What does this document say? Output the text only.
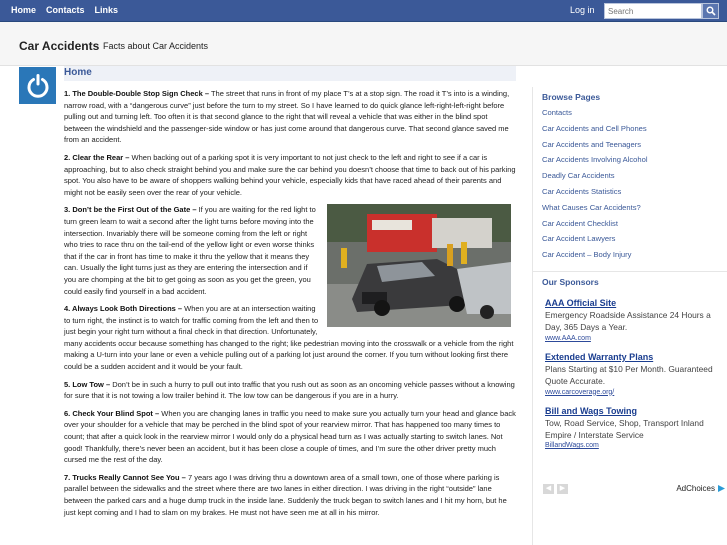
Home	Contacts	Links	Log in
Search
Car Accidents Facts about Car Accidents
Home

1. The Double-Double Stop Sign Check – The street that runs in front of my place T’s at a stop sign. The road it T’s into is a winding, narrow road, with a “dangerous curve” just before the turn to my street. So I have learned to do quick glance left-right-left-right before pulling out and turning left. Too often it is that second glance to the right that will reveal a vehicle that was either in the blind spot between the windshield and the passenger-side window or has just come around that dangerous curve. That second glance saved me from an accident.

2. Clear the Rear – When backing out of a parking spot it is very important to not just check to the left and right to see if a car is approaching, but to also check straight behind you and make sure the car behind you doesn’t choose that time to back out of his parking spot. You also have to be aware of shoppers walking behind your vehicle, especially kids that have raced ahead of their parents and might not be easily seen over the rear of your vehicle.

3. Don’t be the First Out of the Gate – If you are waiting for the red light to turn green learn to wait a second after the light turns before moving into the intersection. Invariably there will be someone coming from the left or right who tries to race thru on the tail-end of the yellow light or even worse thinks that if the car in front has time to make it thru the yellow that it means they can. Usually the light turns just as they are entering the intersection and if you are chomping at the bit to get going as soon as you get the green, you could easily find yourself in a bad accident.

4. Always Look Both Directions – When you are at an intersection waiting to turn right, the instinct is to watch for traffic coming from the left and then to just begin your right turn without a final check in that direction. Unfortunately, many accidents occur because something has changed to the right; like pedestrian moving into the crosswalk or a vehicle from the right making a U-turn into your lane or even a vehicle pulling out of a parking lot just around the corner. If you turn without looking first there could be a sudden accident and it would be your fault.

5. Low Tow – Don’t be in such a hurry to pull out into traffic that you rush out as soon as an oncoming vehicle passes without a knowing for sure that it is not towing a low trailer behind it. The low tow can be dangerous if you are in a hurry.

6. Check Your Blind Spot – When you are changing lanes in traffic you need to make sure you actually turn your head and glance back over your shoulder for a vehicle that may be perched in the blind spot of your rearview mirror. That has happened too many times to count; that after a quick look in the rearview mirror I would only do a physical head turn as I was actually starting to switch lanes. Not good! Thankfully, there’s never been an accident, but it has been close a couple of times, and I’m sure the other driver pretty much cursed me the rest of the day.

7. Trucks Really Cannot See You – 7 years ago I was driving thru a downtown area of a small town, one of those where parking is parallel between the sidewalks and the street where there are two lanes in either direction. I was driving in the right “outside” lane between the parked cars and a huge dump truck in the inside lane. Suddenly the truck began to switch lanes and I hit my horn, but he just kept coming and I had to slam on my brakes. He must not have seen me at all in his mirror.

Browse Pages
Contacts
Car Accidents and Cell Phones
Car Accidents and Teenagers
Car Accidents Involving Alcohol
Deadly Car Accidents
Car Accidents Statistics
What Causes Car Accidents?
Car Accident Checklist
Car Accident Lawyers
Car Accident – Body Injury
Our Sponsors
AAA Official Site
Emergency Roadside Assistance 24 Hours a Day, 365 Days a Year.
www.AAA.com
Extended Warranty Plans
Plans Starting at $10 Per Month. Guaranteed Quote Accurate.
www.carcoverage.org/
Bill and Wags Towing
Tow, Road Service, Shop, Transport Inland Empire / Interstate Service
BillandWags.com
◀	▶	AdChoices
